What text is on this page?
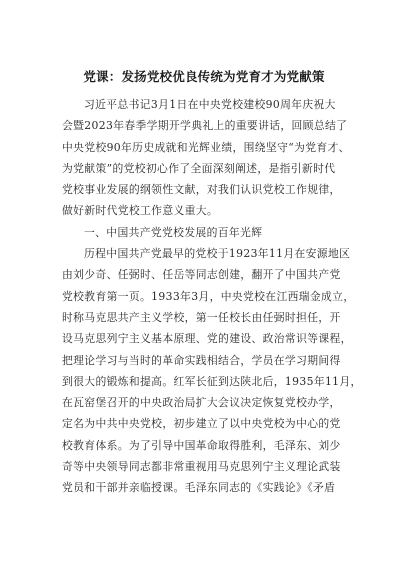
党课：发扬党校优良传统为党育才为党献策
习近平总书记3月1日在中央党校建校90周年庆祝大
会暨2023年春季学期开学典礼上的重要讲话，回顾总结了
中央党校90年历史成就和光辉业绩，围绕坚守“为党育才、
为党献策”的党校初心作了全面深刻阐述，是指引新时代
党校事业发展的纲领性文献，对我们认识党校工作规律，
做好新时代党校工作意义重大。
一、中国共产党党校发展的百年光辉
历程中国共产党最早的党校于1923年11月在安源地区
由刘少奇、任弼时、任岳等同志创建，翻开了中国共产党
党校教育第一页。1933年3月，中央党校在江西瑞金成立，
时称马克思共产主义学校，第一任校长由任弼时担任，开
设马克思列宁主义基本原理、党的建设、政治常识等课程，
把理论学习与当时的革命实践相结合，学员在学习期间得
到很大的锻炼和提高。红军长征到达陕北后，1935年11月，
在瓦窑堡召开的中央政治局扩大会议决定恢复党校办学，
定名为中共中央党校，初步建立了以中央党校为中心的党
校教育体系。为了引导中国革命取得胜利，毛泽东、刘少
奇等中央领导同志都非常重视用马克思列宁主义理论武装
党员和干部并亲临授课。毛泽东同志的《实践论》《矛盾
